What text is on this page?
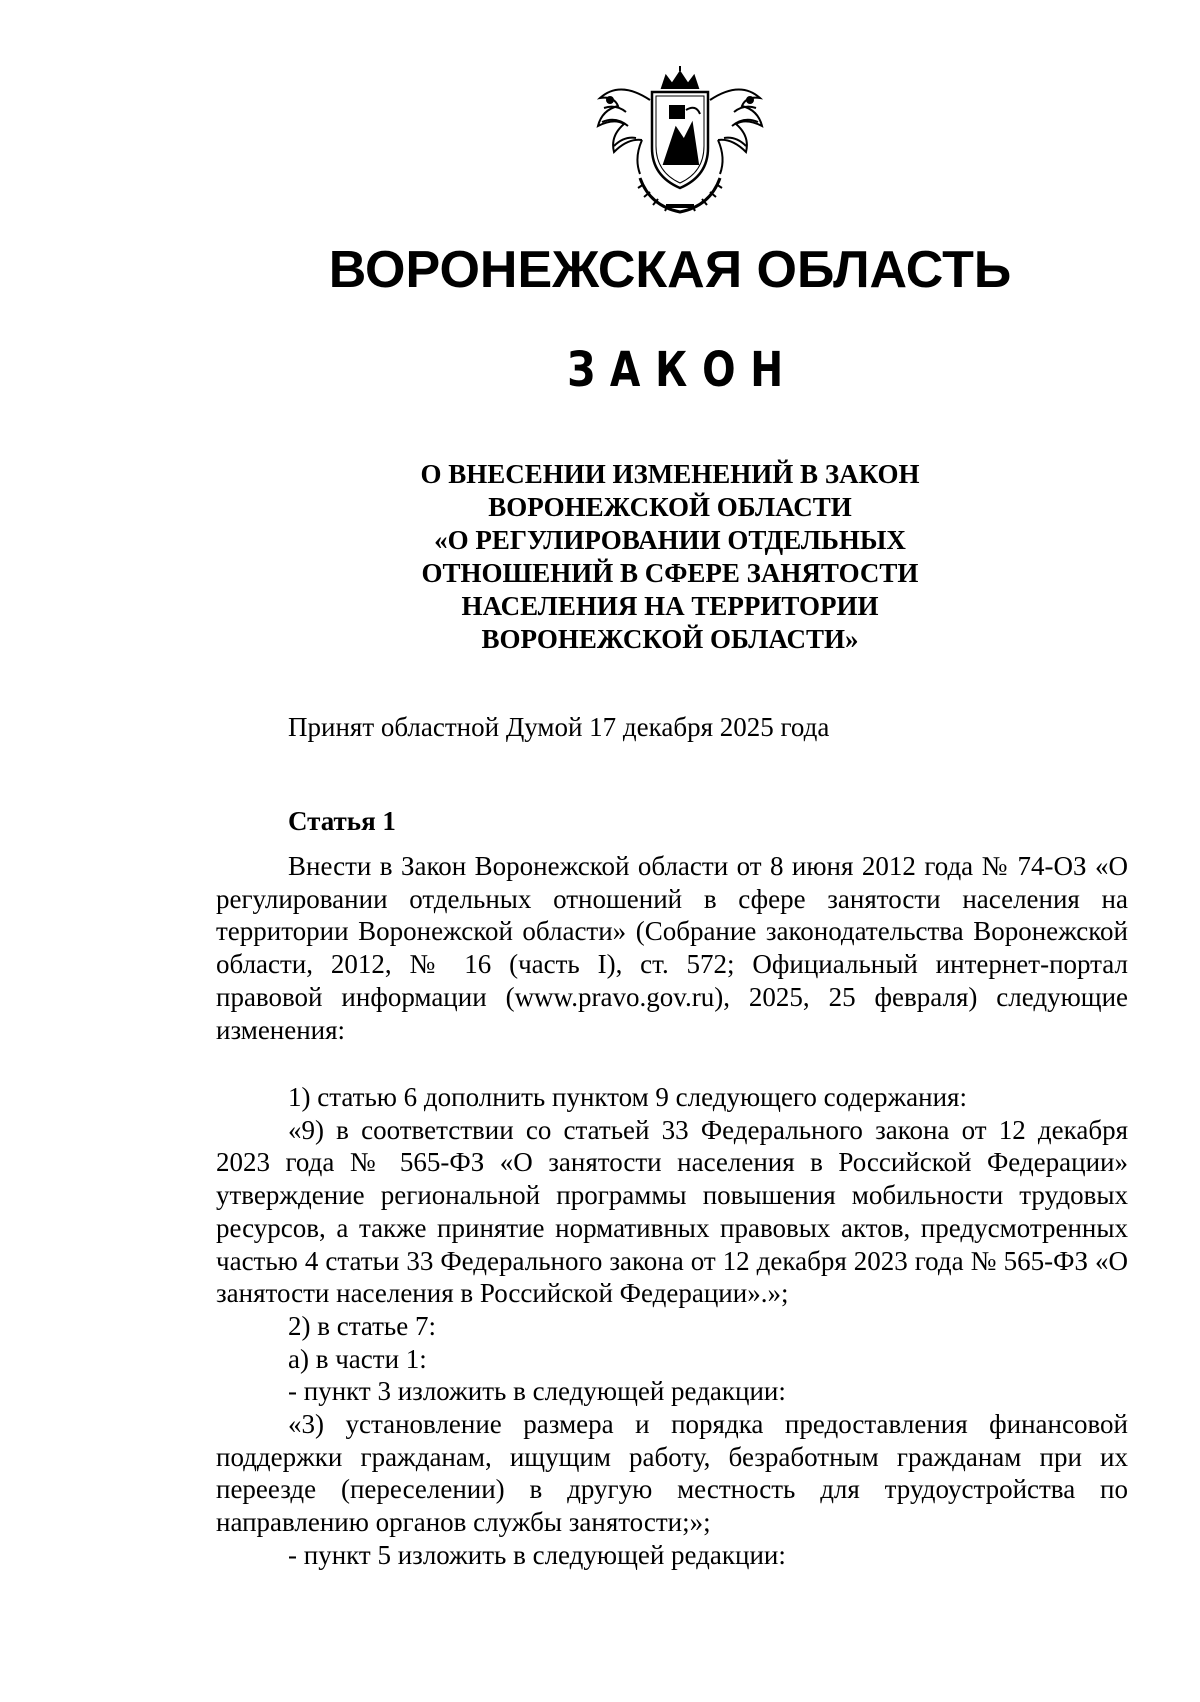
ВОРОНЕЖСКАЯ ОБЛАСТЬ
ЗАКОН
О ВНЕСЕНИИ ИЗМЕНЕНИЙ В ЗАКОН
ВОРОНЕЖСКОЙ ОБЛАСТИ
«О РЕГУЛИРОВАНИИ ОТДЕЛЬНЫХ
ОТНОШЕНИЙ В СФЕРЕ ЗАНЯТОСТИ
НАСЕЛЕНИЯ НА ТЕРРИТОРИИ
ВОРОНЕЖСКОЙ ОБЛАСТИ»
Принят областной Думой 17 декабря 2025 года
Статья 1

Внести в Закон Воронежской области от 8 июня 2012 года № 74-ОЗ «О регулировании отдельных отношений в сфере занятости населения на территории Воронежской области» (Собрание законодательства Воронежской области, 2012, № 16 (часть I), ст. 572; Официальный интернет-портал правовой информации (www.pravo.gov.ru), 2025, 25 февраля) следующие изменения:

1) статью 6 дополнить пунктом 9 следующего содержания:

«9) в соответствии со статьей 33 Федерального закона от 12 декабря 2023 года № 565-ФЗ «О занятости населения в Российской Федерации» утверждение региональной программы повышения мобильности трудовых ресурсов, а также принятие нормативных правовых актов, предусмотренных частью 4 статьи 33 Федерального закона от 12 декабря 2023 года № 565-ФЗ «О занятости населения в Российской Федерации».»;

2) в статье 7:

а) в части 1:

- пункт 3 изложить в следующей редакции:

«3) установление размера и порядка предоставления финансовой поддержки гражданам, ищущим работу, безработным гражданам при их переезде (переселении) в другую местность для трудоустройства по направлению органов службы занятости;»;

- пункт 5 изложить в следующей редакции:
